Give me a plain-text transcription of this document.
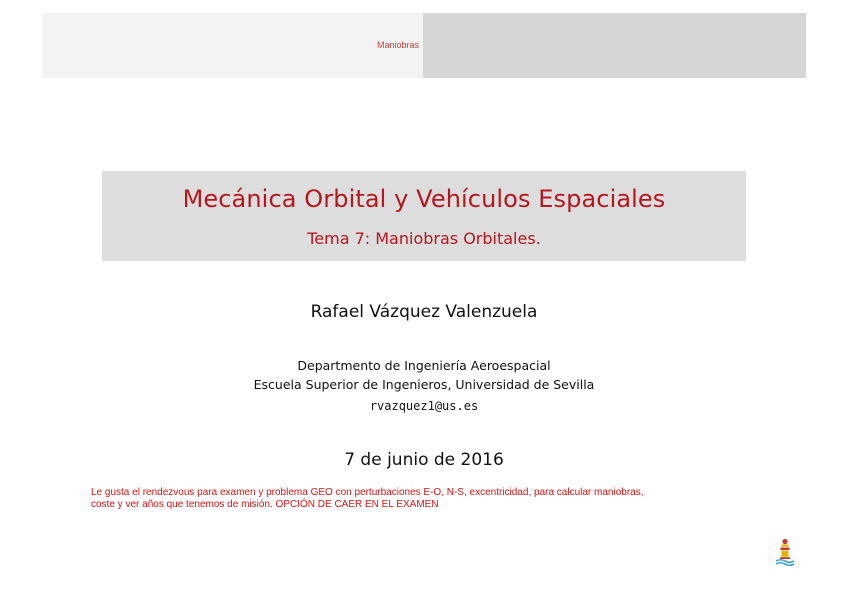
Maniobras
Mecánica Orbital y Vehículos Espaciales
Tema 7: Maniobras Orbitales.
Rafael Vázquez Valenzuela
Departmento de Ingeniería Aeroespacial
Escuela Superior de Ingenieros, Universidad de Sevilla
rvazquez1@us.es
7 de junio de 2016
Le gusta el rendezvous para examen y problema GEO con perturbaciones E-O, N-S, excentricidad, para calcular maniobras, coste y ver años que tenemos de misión. OPCIÓN DE CAER EN EL EXAMEN
